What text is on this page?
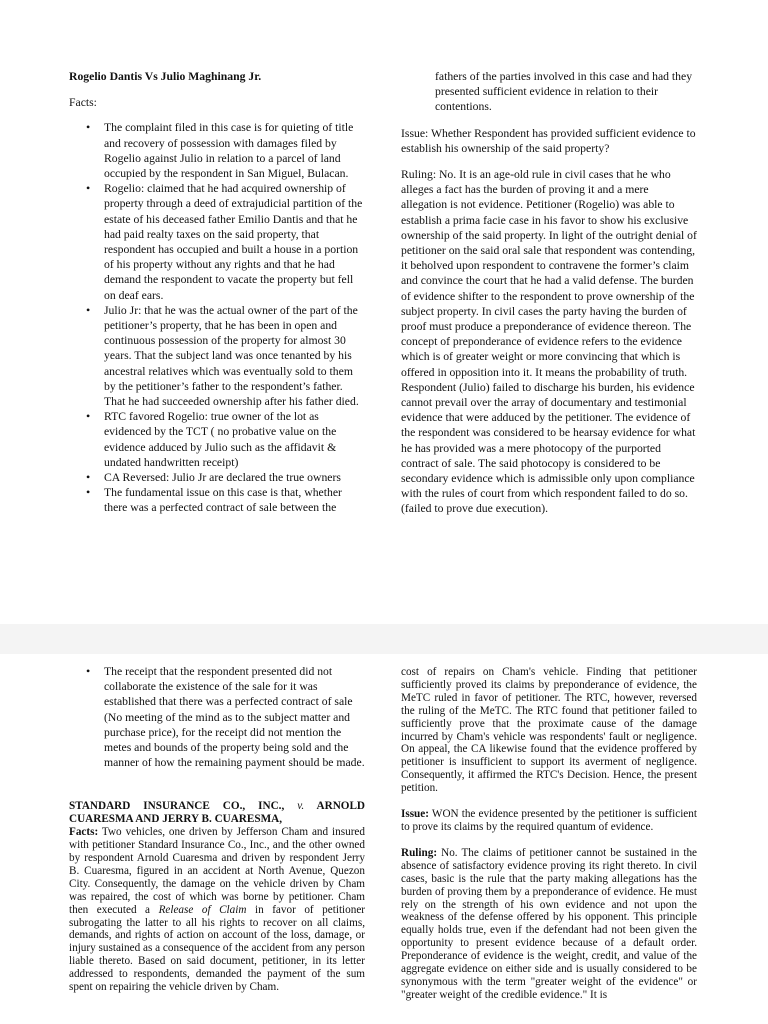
Rogelio Dantis Vs Julio Maghinang Jr.

Facts:

• The complaint filed in this case is for quieting of title and recovery of possession with damages filed by Rogelio against Julio in relation to a parcel of land occupied by the respondent in San Miguel, Bulacan.
• Rogelio: claimed that he had acquired ownership of property through a deed of extrajudicial partition of the estate of his deceased father Emilio Dantis and that he had paid realty taxes on the said property, that respondent has occupied and built a house in a portion of his property without any rights and that he had demand the respondent to vacate the property but fell on deaf ears.
• Julio Jr: that he was the actual owner of the part of the petitioner’s property, that he has been in open and continuous possession of the property for almost 30 years. That the subject land was once tenanted by his ancestral relatives which was eventually sold to them by the petitioner’s father to the respondent’s father. That he had succeeded ownership after his father died.
• RTC favored Rogelio: true owner of the lot as evidenced by the TCT ( no probative value on the evidence adduced by Julio such as the affidavit & undated handwritten receipt)
• CA Reversed: Julio Jr are declared the true owners
• The fundamental issue on this case is that, whether there was a perfected contract of sale between the

fathers of the parties involved in this case and had they presented sufficient evidence in relation to their contentions.

Issue: Whether Respondent has provided sufficient evidence to establish his ownership of the said property?

Ruling: No. It is an age-old rule in civil cases that he who alleges a fact has the burden of proving it and a mere allegation is not evidence. Petitioner (Rogelio) was able to establish a prima facie case in his favor to show his exclusive ownership of the said property. In light of the outright denial of petitioner on the said oral sale that respondent was contending, it beholved upon respondent to contravene the former’s claim and convince the court that he had a valid defense. The burden of evidence shifter to the respondent to prove ownership of the subject property. In civil cases the party having the burden of proof must produce a preponderance of evidence thereon. The concept of preponderance of evidence refers to the evidence which is of greater weight or more convincing that which is offered in opposition into it. It means the probability of truth. Respondent (Julio) failed to discharge his burden, his evidence cannot prevail over the array of documentary and testimonial evidence that were adduced by the petitioner. The evidence of the respondent was considered to be hearsay evidence for what he has provided was a mere photocopy of the purported contract of sale. The said photocopy is considered to be secondary evidence which is admissible only upon compliance with the rules of court from which respondent failed to do so. (failed to prove due execution).

• The receipt that the respondent presented did not collaborate the existence of the sale for it was established that there was a perfected contract of sale (No meeting of the mind as to the subject matter and purchase price), for the receipt did not mention the metes and bounds of the property being sold and the manner of how the remaining payment should be made.

STANDARD INSURANCE CO., INC., v. ARNOLD CUARESMA AND JERRY B. CUARESMA,

Facts: Two vehicles, one driven by Jefferson Cham and insured with petitioner Standard Insurance Co., Inc., and the other owned by respondent Arnold Cuaresma and driven by respondent Jerry B. Cuaresma, figured in an accident at North Avenue, Quezon City. Consequently, the damage on the vehicle driven by Cham was repaired, the cost of which was borne by petitioner. Cham then executed a Release of Claim in favor of petitioner subrogating the latter to all his rights to recover on all claims, demands, and rights of action on account of the loss, damage, or injury sustained as a consequence of the accident from any person liable thereto. Based on said document, petitioner, in its letter addressed to respondents, demanded the payment of the sum spent on repairing the vehicle driven by Cham.

cost of repairs on Cham's vehicle. Finding that petitioner sufficiently proved its claims by preponderance of evidence, the MeTC ruled in favor of petitioner. The RTC, however, reversed the ruling of the MeTC. The RTC found that petitioner failed to sufficiently prove that the proximate cause of the damage incurred by Cham's vehicle was respondents' fault or negligence. On appeal, the CA likewise found that the evidence proffered by petitioner is insufficient to support its averment of negligence. Consequently, it affirmed the RTC's Decision. Hence, the present petition.

Issue: WON the evidence presented by the petitioner is sufficient to prove its claims by the required quantum of evidence.

Ruling: No. The claims of petitioner cannot be sustained in the absence of satisfactory evidence proving its right thereto. In civil cases, basic is the rule that the party making allegations has the burden of proving them by a preponderance of evidence. He must rely on the strength of his own evidence and not upon the weakness of the defense offered by his opponent. This principle equally holds true, even if the defendant had not been given the opportunity to present evidence because of a default order. Preponderance of evidence is the weight, credit, and value of the aggregate evidence on either side and is usually considered to be synonymous with the term "greater weight of the evidence" or "greater weight of the credible evidence." It is
